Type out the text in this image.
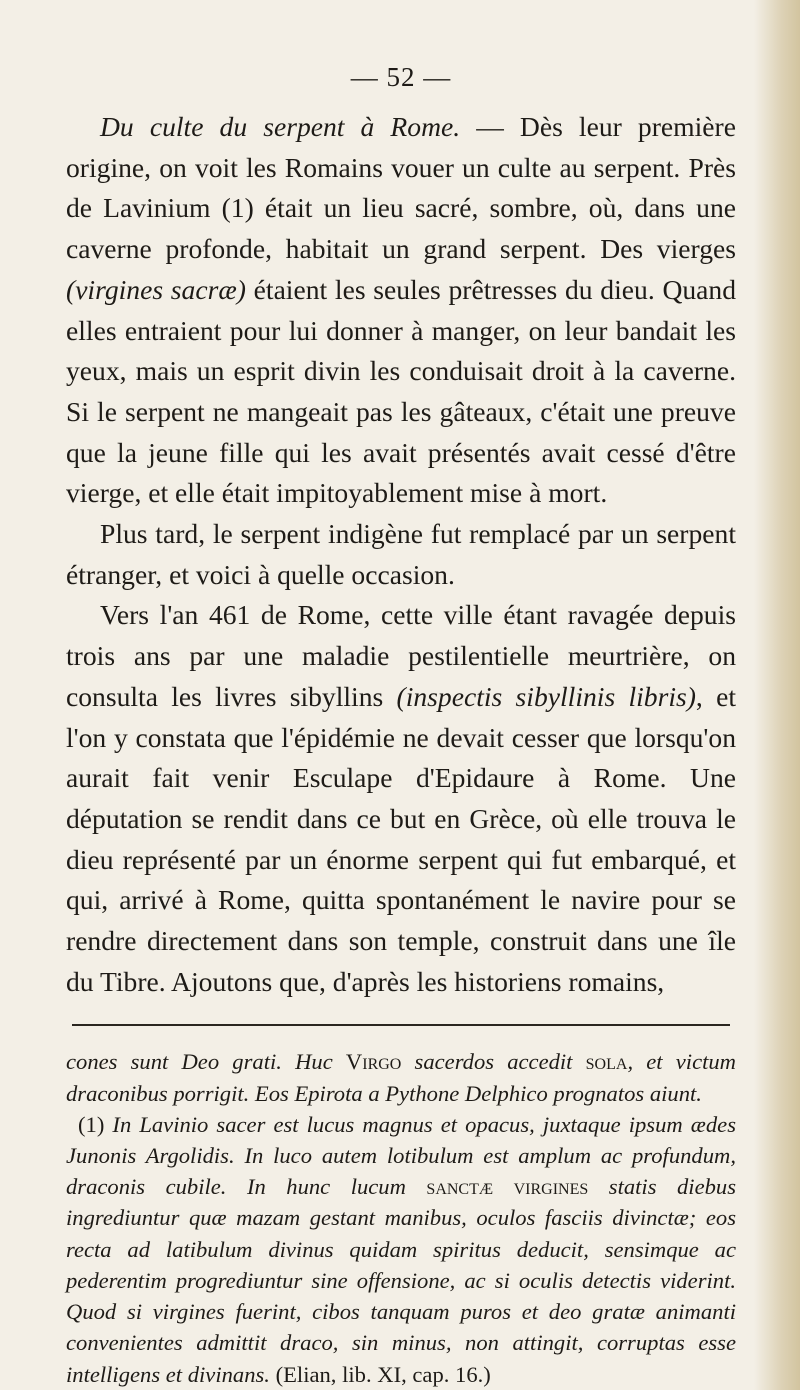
— 52 —

Du culte du serpent à Rome. — Dès leur première origine, on voit les Romains vouer un culte au serpent. Près de Lavinium (1) était un lieu sacré, sombre, où, dans une caverne profonde, habitait un grand serpent. Des vierges (virgines sacræ) étaient les seules prêtresses du dieu. Quand elles entraient pour lui donner à manger, on leur bandait les yeux, mais un esprit divin les conduisait droit à la caverne. Si le serpent ne mangeait pas les gâteaux, c'était une preuve que la jeune fille qui les avait présentés avait cessé d'être vierge, et elle était impitoyablement mise à mort.

Plus tard, le serpent indigène fut remplacé par un serpent étranger, et voici à quelle occasion.

Vers l'an 461 de Rome, cette ville étant ravagée depuis trois ans par une maladie pestilentielle meurtrière, on consulta les livres sibyllins (inspectis sibyllinis libris), et l'on y constata que l'épidémie ne devait cesser que lorsqu'on aurait fait venir Esculape d'Epidaure à Rome. Une députation se rendit dans ce but en Grèce, où elle trouva le dieu représenté par un énorme serpent qui fut embarqué, et qui, arrivé à Rome, quitta spontanément le navire pour se rendre directement dans son temple, construit dans une île du Tibre. Ajoutons que, d'après les historiens romains,

cones sunt Deo grati. Huc Virgo sacerdos accedit sola, et victum draconibus porrigit. Eos Epirota a Pythone Delphico prognatos aiunt.

(1) In Lavinio sacer est lucus magnus et opacus, juxtaque ipsum ædes Junonis Argolidis. In luco autem lotibulum est amplum ac profundum, draconis cubile. In hunc lucum sanctæ virgines statis diebus ingrediuntur quæ mazam gestant manibus, oculos fasciis divinctæ; eos recta ad latibulum divinus quidam spiritus deducit, sensimque ac pederentim progrediuntur sine offensione, ac si oculis detectis viderint. Quod si virgines fuerint, cibos tanquam puros et deo gratæ animanti convenientes admittit draco, sin minus, non attingit, corruptas esse intelligens et divinans. (Elian, lib. XI, cap. 16.)
